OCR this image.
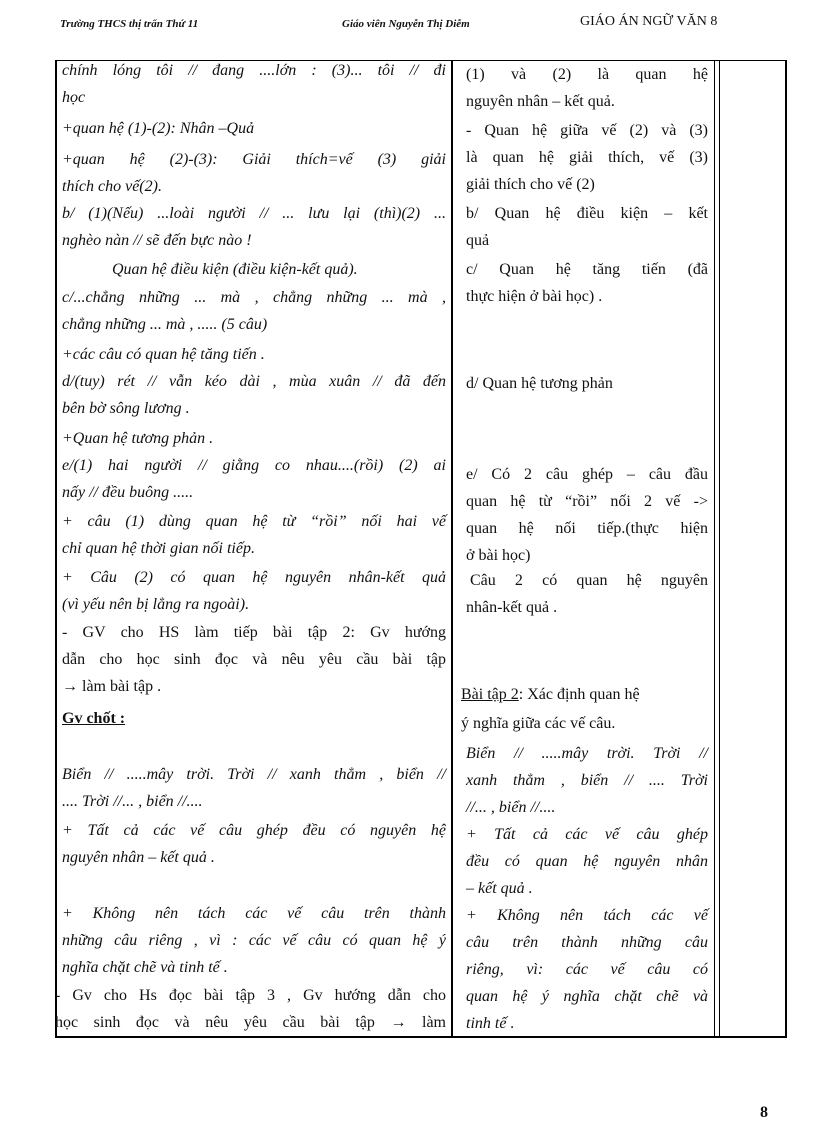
Trường THCS thị trấn Thứ 11	Giáo viên Nguyễn Thị Diễm	GIÁO ÁN NGỮ VĂN 8
chính lóng tôi // đang ....lớn : (3)... tôi // đi
học
+quan hệ (1)-(2): Nhân –Quả
+quan hệ (2)-(3): Giải thích=vế (3) giải
thích cho vế(2).
b/ (1)(Nếu) ...loài người // ... lưu lại (thì)(2) ...
nghèo nàn // sẽ đến bực nào !
Quan hệ điều kiện (điều kiện-kết quả).
c/...chẳng những ... mà , chẳng những ... mà ,
chẳng những ... mà , ..... (5 câu)
+các câu có quan hệ tăng tiến .
d/(tuy) rét // vẫn kéo dài , mùa xuân // đã đến
bên bờ sông lương .
+Quan hệ tương phản .
e/(1) hai người // giằng co nhau....(rồi) (2) ai
nấy // đều buông .....
+ câu (1) dùng quan hệ từ “rồi” nối hai vế
chỉ quan hệ thời gian nối tiếp.
+ Câu (2) có quan hệ nguyên nhân-kết quả
(vì yếu nên bị lẳng ra ngoài).
- GV cho HS làm tiếp bài tập 2: Gv hướng
dẫn cho học sinh đọc và nêu yêu cầu bài tập
→ làm bài tập .
Gv chốt :
Biển // .....mây trời. Trời // xanh thẳm , biển //
.... Trời //... , biển //....
+ Tất cả các vế câu ghép đều có nguyên hệ
nguyên nhân – kết quả .
+ Không nên tách các vế câu trên thành
những câu riêng , vì : các vế câu có quan hệ ý
nghĩa chặt chẽ và tinh tế .
- Gv cho Hs đọc bài tập 3 , Gv hướng dẫn cho
học sinh đọc và nêu yêu cầu bài tập → làm
(1) và (2) là quan hệ
nguyên nhân – kết quả.
- Quan hệ giữa vế (2) và (3)
là quan hệ giải thích, vế (3)
giải thích cho vế (2)
b/ Quan hệ điều kiện – kết
quả
c/ Quan hệ tăng tiến (đã
thực hiện ở bài học) .
d/ Quan hệ tương phản
e/ Có 2 câu ghép – câu đầu
quan hệ từ “rồi” nối 2 vế ->
quan hệ nối tiếp.(thực hiện
ở bài học)
Câu 2 có quan hệ nguyên
nhân-kết quả .
Bài tập 2: Xác định quan hệ
ý nghĩa giữa các vế câu.
Biển // .....mây trời. Trời //
xanh thẳm , biển // .... Trời
//... , biển //....
+ Tất cả các vế câu ghép
đều có quan hệ nguyên nhân
– kết quả .
+ Không nên tách các vế
câu trên thành những câu
riêng, vì: các vế câu có
quan hệ ý nghĩa chặt chẽ và
tinh tế .
8
